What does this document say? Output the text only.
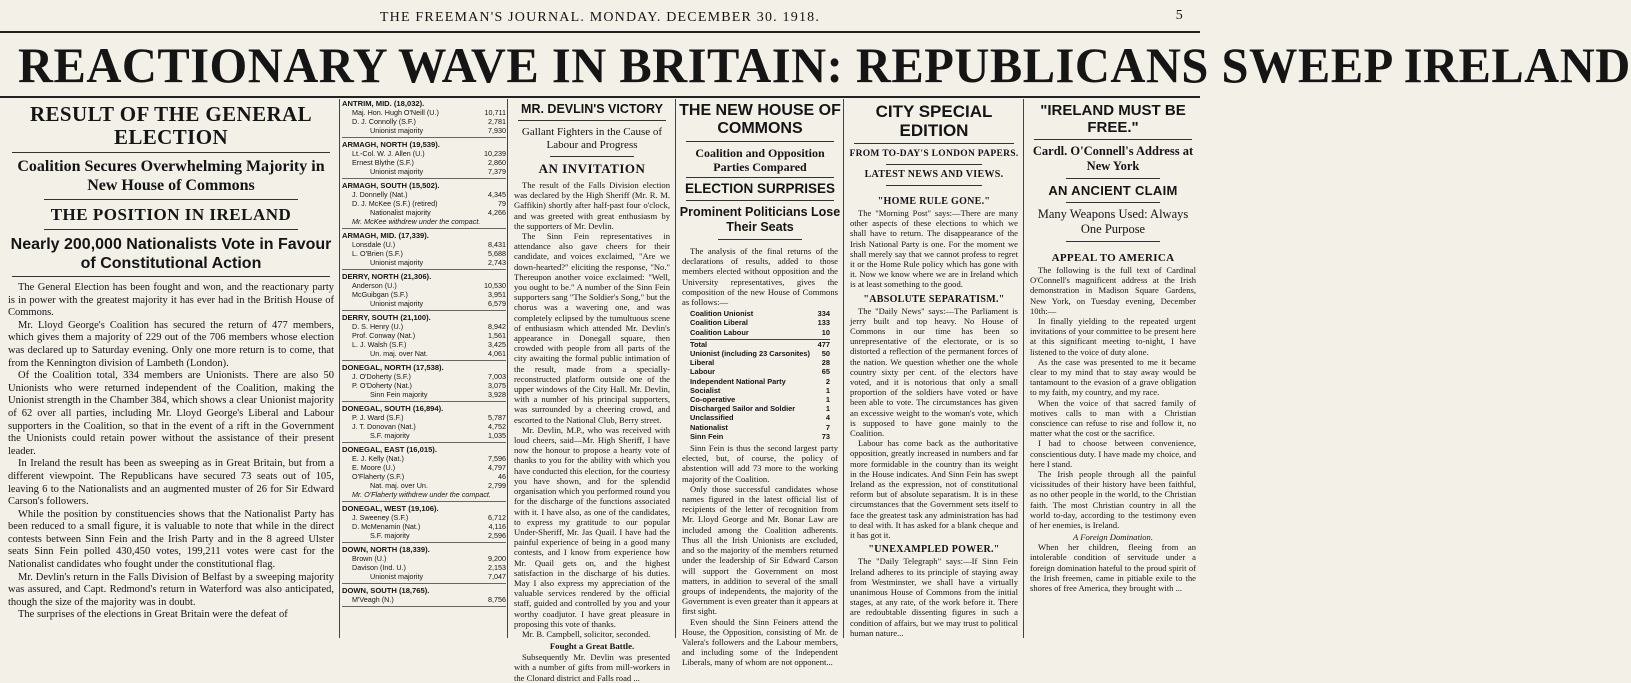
THE FREEMAN'S JOURNAL. MONDAY. DECEMBER 30. 1918.	5
REACTIONARY WAVE IN BRITAIN: REPUBLICANS SWEEP IRELAND
RESULT OF THE GENERAL ELECTION
Coalition Secures Overwhelming Majority in New House of Commons
THE POSITION IN IRELAND
Nearly 200,000 Nationalists Vote in Favour of Constitutional Action

The General Election has been fought and won, and the reactionary party is in power with the greatest majority it has ever had in the British House of Commons.

Mr. Lloyd George's Coalition has secured the return of 477 members, which gives them a majority of 229 out of the 706 members whose election was declared up to Saturday evening. Only one more return is to come, that from the Kennington division of Lambeth (London).

Of the Coalition total, 334 members are Unionists. There are also 50 Unionists who were returned independent of the Coalition, making the Unionist strength in the Chamber 384, which shows a clear Unionist majority of 62 over all parties, including Mr. Lloyd George's Liberal and Labour supporters in the Coalition, so that in the event of a rift in the Government the Unionists could retain power without the assistance of their present leader.

In Ireland the result has been as sweeping as in Great Britain, but from a different viewpoint. The Republicans have secured 73 seats out of 105, leaving 6 to the Nationalists and an augmented muster of 26 for Sir Edward Carson's followers.

While the position by constituencies shows that the Nationalist Party has been reduced to a small figure, it is valuable to note that while in the direct contests between Sinn Fein and the Irish Party and in the 8 agreed Ulster seats Sinn Fein polled 430,450 votes, 199,211 votes were cast for the Nationalist candidates who fought under the constitutional flag.

Mr. Devlin's return in the Falls Division of Belfast by a sweeping majority was assured, and Capt. Redmond's return in Waterford was also anticipated, though the size of the majority was in doubt.

The surprises of the elections in Great Britain were the defeat of

ANTRIM, MID. (18,032).
Maj. Hon. Hugh O'Neill (U.)	10,711
D. J. Connolly (S.F.)	2,781
Unionist majority	7,930
ARMAGH, NORTH (19,539).
Lt.-Col. W. J. Allen (U.)	10,239
Ernest Blythe (S.F.)	2,860
Unionist majority	7,379
ARMAGH, SOUTH (15,502).
J. Donnelly (Nat.)	4,345
D. J. McKee (S.F.) (retired)	79
Nationalist majority	4,266
Mr. McKee withdrew under the compact.
ARMAGH, MID. (17,339).
Lonsdale (U.)	8,431
L. O'Brien (S.F.)	5,688
Unionist majority	2,743
DERRY, NORTH (21,306).
Anderson (U.)	10,530
McGuibgan (S.F.)	3,951
Unionist majority	6,579
DERRY, SOUTH (21,100).
D. S. Henry (U.)	8,942
Prof. Conway (Nat.)	1,561
L. J. Walsh (S.F.)	3,425
Un. maj. over Nat.	4,061
DONEGAL, NORTH (17,538).
J. O'Doherty (S.F.)	7,003
P. O'Doherty (Nat.)	3,075
Sinn Fein majority	3,928
DONEGAL, SOUTH (16,894).
P. J. Ward (S.F.)	5,787
J. T. Donovan (Nat.)	4,752
S.F. majority	1,035
DONEGAL, EAST (16,015).
E. J. Kelly (Nat.)	7,596
E. Moore (U.)	4,797
O'Flaherty (S.F.)	46
Nat. maj. over Un.	2,799
Mr. O'Flaherty withdrew under the compact.
DONEGAL, WEST (19,106).
J. Sweeney (S.F.)	6,712
D. McMenamin (Nat.)	4,116
S.F. majority	2,596
DOWN, NORTH (18,339).
Brown (U.)	9,200
Davison (Ind. U.)	2,153
Unionist majority	7,047
DOWN, SOUTH (18,765).
M'Veagh (N.)	8,756
MR. DEVLIN'S VICTORY
Gallant Fighters in the Cause of Labour and Progress
AN INVITATION

The result of the Falls Division election was declared by the High Sheriff (Mr. R. M. Gaffikin) shortly after half-past four o'clock, and was greeted with great enthusiasm by the supporters of Mr. Devlin.

The Sinn Fein representatives in attendance also gave cheers for their candidate, and voices exclaimed, "Are we down-hearted?" eliciting the response, "No." Thereupon another voice exclaimed: "Well, you ought to be." A number of the Sinn Fein supporters sang "The Soldier's Song," but the chorus was a wavering one, and was completely eclipsed by the tumultuous scene of enthusiasm which attended Mr. Devlin's appearance in Donegall square, then crowded with people from all parts of the city awaiting the formal public intimation of the result, made from a specially-reconstructed platform outside one of the upper windows of the City Hall. Mr. Devlin, with a number of his principal supporters, was surrounded by a cheering crowd, and escorted to the National Club, Berry street.

Mr. Devlin, M.P., who was received with loud cheers, said—Mr. High Sheriff, I have now the honour to propose a hearty vote of thanks to you for the ability with which you have conducted this election, for the courtesy you have shown, and for the splendid organisation which you performed round you for the discharge of the functions associated with it. I have also, as one of the candidates, to express my gratitude to our popular Under-Sheriff, Mr. Jas Quail. I have had the painful experience of being in a good many contests, and I know from experience how Mr. Quail gets on, and the highest satisfaction in the discharge of his duties. May I also express my appreciation of the valuable services rendered by the official staff, guided and controlled by you and your worthy coadjutor. I have great pleasure in proposing this vote of thanks.

Mr. B. Campbell, solicitor, seconded.

Fought a Great Battle.

Subsequently Mr. Devlin was presented with a number of gifts from mill-workers in the Clonard district and Falls road ...

THE NEW HOUSE OF COMMONS
Coalition and Opposition Parties Compared
ELECTION SURPRISES
Prominent Politicians Lose Their Seats

The analysis of the final returns of the declarations of results, added to those members elected without opposition and the University representatives, gives the composition of the new House of Commons as follows:—

Coalition Unionist	334
Coalition Liberal	133
Coalition Labour	10
Total	477
Unionist (including 23 Carsonites) 50
Liberal	28
Labour	65
Independent National Party	2
Socialist	1
Co-operative	1
Discharged Sailor and Soldier	1
Unclassified	4
Nationalist	7
Sinn Fein	73

Sinn Fein is thus the second largest party elected, but, of course, the policy of abstention will add 73 more to the working majority of the Coalition.

Only those successful candidates whose names figured in the latest official list of recipients of the letter of recognition from Mr. Lloyd George and Mr. Bonar Law are included among the Coalition adherents. Thus all the Irish Unionists are excluded, and so the majority of the members returned under the leadership of Sir Edward Carson will support the Government on most matters, in addition to several of the small groups of independents, the majority of the Government is even greater than it appears at first sight.

Even should the Sinn Feiners attend the House, the Opposition, consisting of Mr. de Valera's followers and the Labour members, and including some of the Independent Liberals, many of whom are not opponent...

CITY SPECIAL EDITION
FROM TO-DAY'S LONDON PAPERS.
LATEST NEWS AND VIEWS.
"HOME RULE GONE."

The "Morning Post" says:—There are many other aspects of these elections to which we shall have to return. The disappearance of the Irish National Party is one. For the moment we shall merely say that we cannot profess to regret it or the Home Rule policy which has gone with it. Now we know where we are in Ireland which is at least something to the good.

"ABSOLUTE SEPARATISM."

The "Daily News" says:—The Parliament is jerry built and top heavy. No House of Commons in our time has been so unrepresentative of the electorate, or is so distorted a reflection of the permanent forces of the nation. We question whether one the whole country sixty per cent. of the electors have voted, and it is notorious that only a small proportion of the soldiers have voted or have been able to vote. The circumstances has given an excessive weight to the woman's vote, which is supposed to have gone mainly to the Coalition.

Labour has come back as the authoritative opposition, greatly increased in numbers and far more formidable in the country than its weight in the House indicates. And Sinn Fein has swept Ireland as the expression, not of constitutional reform but of absolute separatism. It is in these circumstances that the Government sets itself to face the greatest task any administration has had to deal with. It has asked for a blank cheque and it has got it.

"UNEXAMPLED POWER."

The "Daily Telegraph" says:—If Sinn Fein Ireland adheres to its principle of staying away from Westminster, we shall have a virtually unanimous House of Commons from the initial stages, at any rate, of the work before it. There are redoubtable dissenting figures in such a condition of affairs, but we may trust to political human nature...

"IRELAND MUST BE FREE."
Cardl. O'Connell's Address at New York
AN ANCIENT CLAIM
Many Weapons Used: Always One Purpose
APPEAL TO AMERICA

The following is the full text of Cardinal O'Connell's magnificent address at the Irish demonstration in Madison Square Gardens, New York, on Tuesday evening, December 10th:—

In finally yielding to the repeated urgent invitations of your committee to be present here at this significant meeting to-night, I have listened to the voice of duty alone.

As the case was presented to me it became clear to my mind that to stay away would be tantamount to the evasion of a grave obligation to my faith, my country, and my race.

When the voice of that sacred family of motives calls to man with a Christian conscience can refuse to rise and follow it, no matter what the cost or the sacrifice.

I had to choose between convenience, conscientious duty. I have made my choice, and here I stand.

The Irish people through all the painful vicissitudes of their history have been faithful, as no other people in the world, to the Christian faith. The most Christian country in all the world to-day, according to the testimony even of her enemies, is Ireland.

A Foreign Domination.

When her children, fleeing from an intolerable condition of servitude under a foreign domination hateful to the proud spirit of the Irish freemen, came in pitiable exile to the shores of free America, they brought with ...
